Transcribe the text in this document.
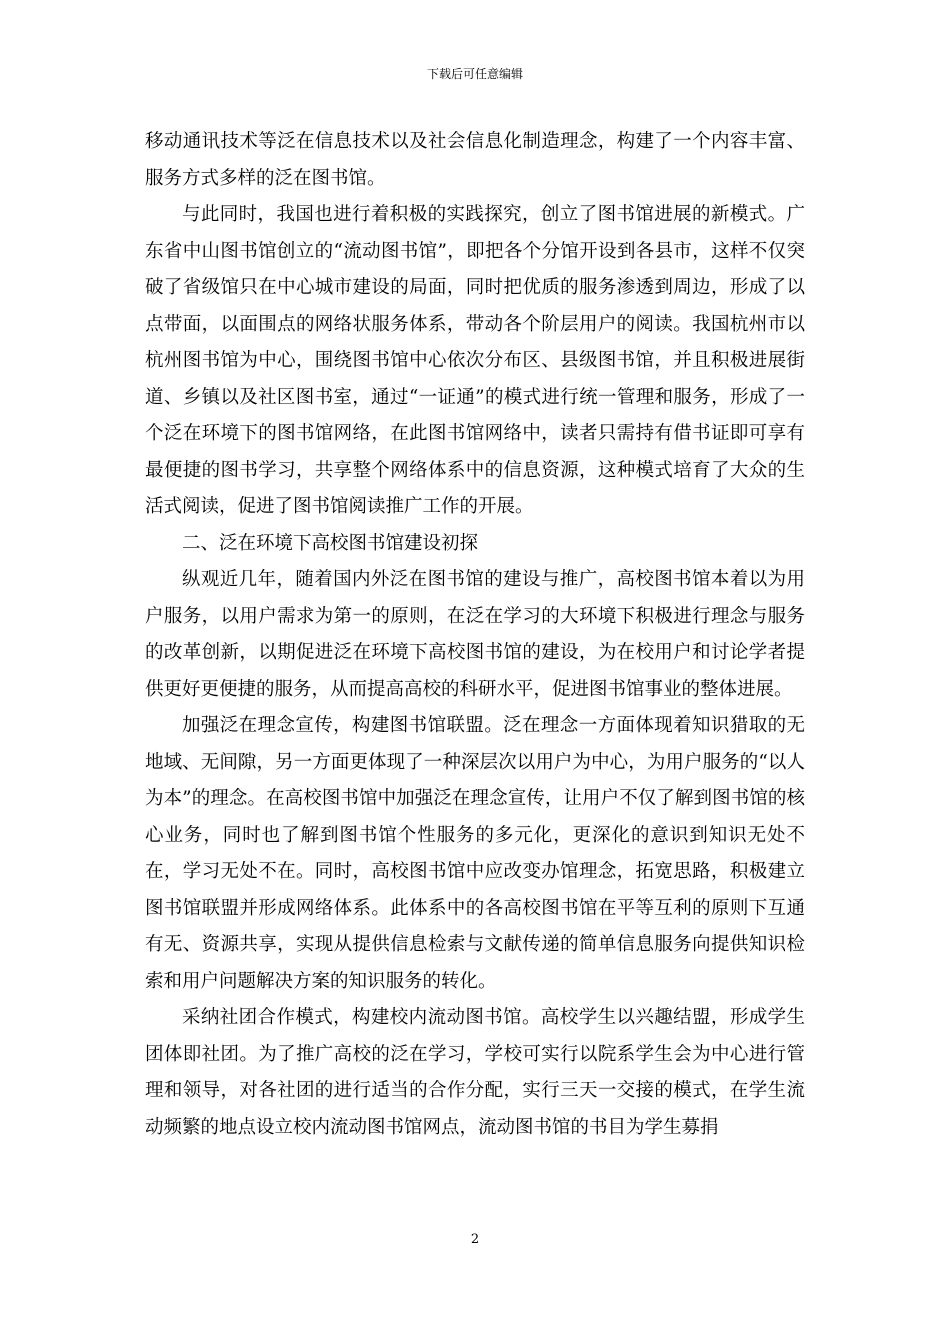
下载后可任意编辑

移动通讯技术等泛在信息技术以及社会信息化制造理念，构建了一个内容丰富、服务方式多样的泛在图书馆。

与此同时，我国也进行着积极的实践探究，创立了图书馆进展的新模式。广东省中山图书馆创立的“流动图书馆”，即把各个分馆开设到各县市，这样不仅突破了省级馆只在中心城市建设的局面，同时把优质的服务渗透到周边，形成了以点带面，以面围点的网络状服务体系，带动各个阶层用户的阅读。我国杭州市以杭州图书馆为中心，围绕图书馆中心依次分布区、县级图书馆，并且积极进展街道、乡镇以及社区图书室，通过“一证通”的模式进行统一管理和服务，形成了一个泛在环境下的图书馆网络，在此图书馆网络中，读者只需持有借书证即可享有最便捷的图书学习，共享整个网络体系中的信息资源，这种模式培育了大众的生活式阅读，促进了图书馆阅读推广工作的开展。

二、泛在环境下高校图书馆建设初探

纵观近几年，随着国内外泛在图书馆的建设与推广，高校图书馆本着以为用户服务，以用户需求为第一的原则，在泛在学习的大环境下积极进行理念与服务的改革创新，以期促进泛在环境下高校图书馆的建设，为在校用户和讨论学者提供更好更便捷的服务，从而提高高校的科研水平，促进图书馆事业的整体进展。

加强泛在理念宣传，构建图书馆联盟。泛在理念一方面体现着知识猎取的无地域、无间隙，另一方面更体现了一种深层次以用户为中心，为用户服务的“以人为本”的理念。在高校图书馆中加强泛在理念宣传，让用户不仅了解到图书馆的核心业务，同时也了解到图书馆个性服务的多元化，更深化的意识到知识无处不在，学习无处不在。同时，高校图书馆中应改变办馆理念，拓宽思路，积极建立图书馆联盟并形成网络体系。此体系中的各高校图书馆在平等互利的原则下互通有无、资源共享，实现从提供信息检索与文献传递的简单信息服务向提供知识检索和用户问题解决方案的知识服务的转化。

采纳社团合作模式，构建校内流动图书馆。高校学生以兴趣结盟，形成学生团体即社团。为了推广高校的泛在学习，学校可实行以院系学生会为中心进行管理和领导，对各社团的进行适当的合作分配，实行三天一交接的模式，在学生流动频繁的地点设立校内流动图书馆网点，流动图书馆的书目为学生募捐

2
